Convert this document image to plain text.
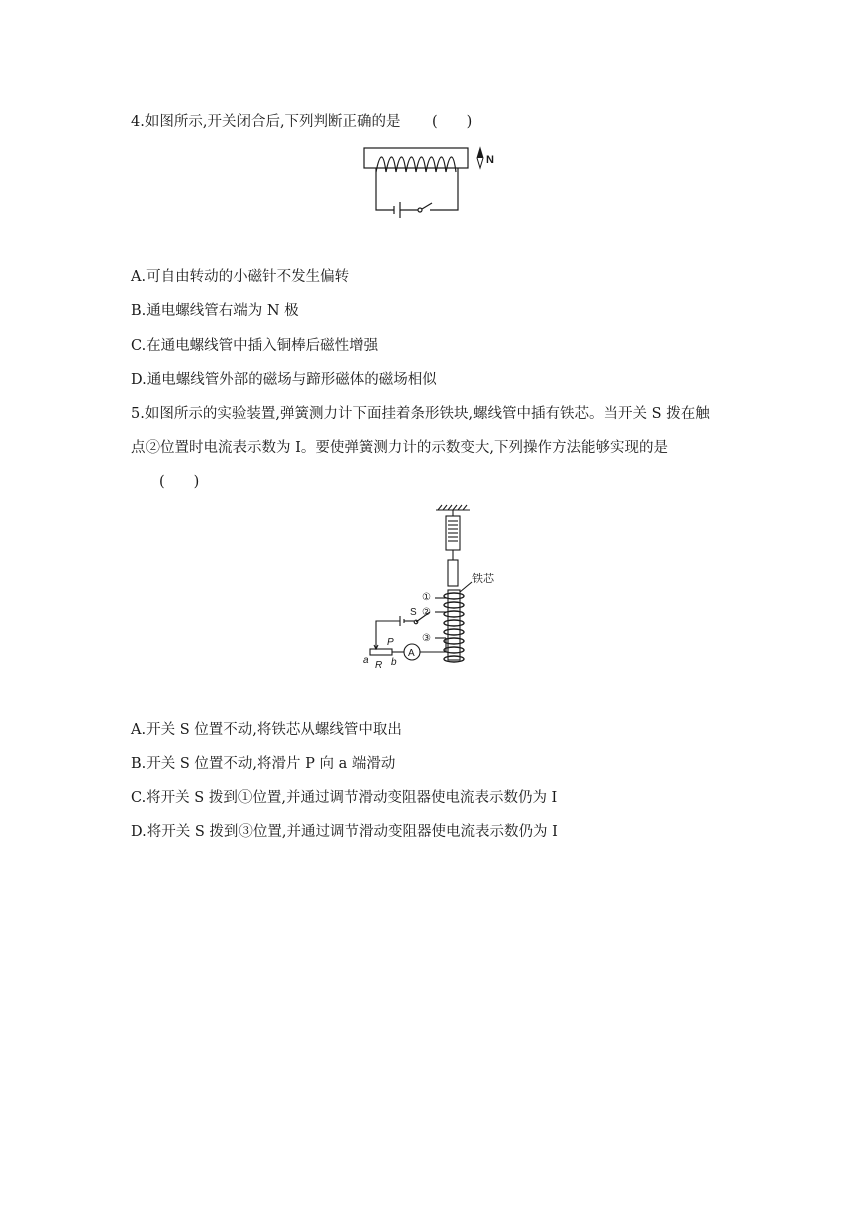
4.如图所示,开关闭合后,下列判断正确的是 (　　)
N
A.可自由转动的小磁针不发生偏转
B.通电螺线管右端为 N 极
C.在通电螺线管中插入铜棒后磁性增强
D.通电螺线管外部的磁场与蹄形磁体的磁场相似
5.如图所示的实验装置,弹簧测力计下面挂着条形铁块,螺线管中插有铁芯。当开关 S 拨在触
点②位置时电流表示数为 I。要使弹簧测力计的示数变大,下列操作方法能够实现的是
(　　)
铁芯
①
②
S
③
P
A
a R b
A.开关 S 位置不动,将铁芯从螺线管中取出
B.开关 S 位置不动,将滑片 P 向 a 端滑动
C.将开关 S 拨到①位置,并通过调节滑动变阻器使电流表示数仍为 I
D.将开关 S 拨到③位置,并通过调节滑动变阻器使电流表示数仍为 I
